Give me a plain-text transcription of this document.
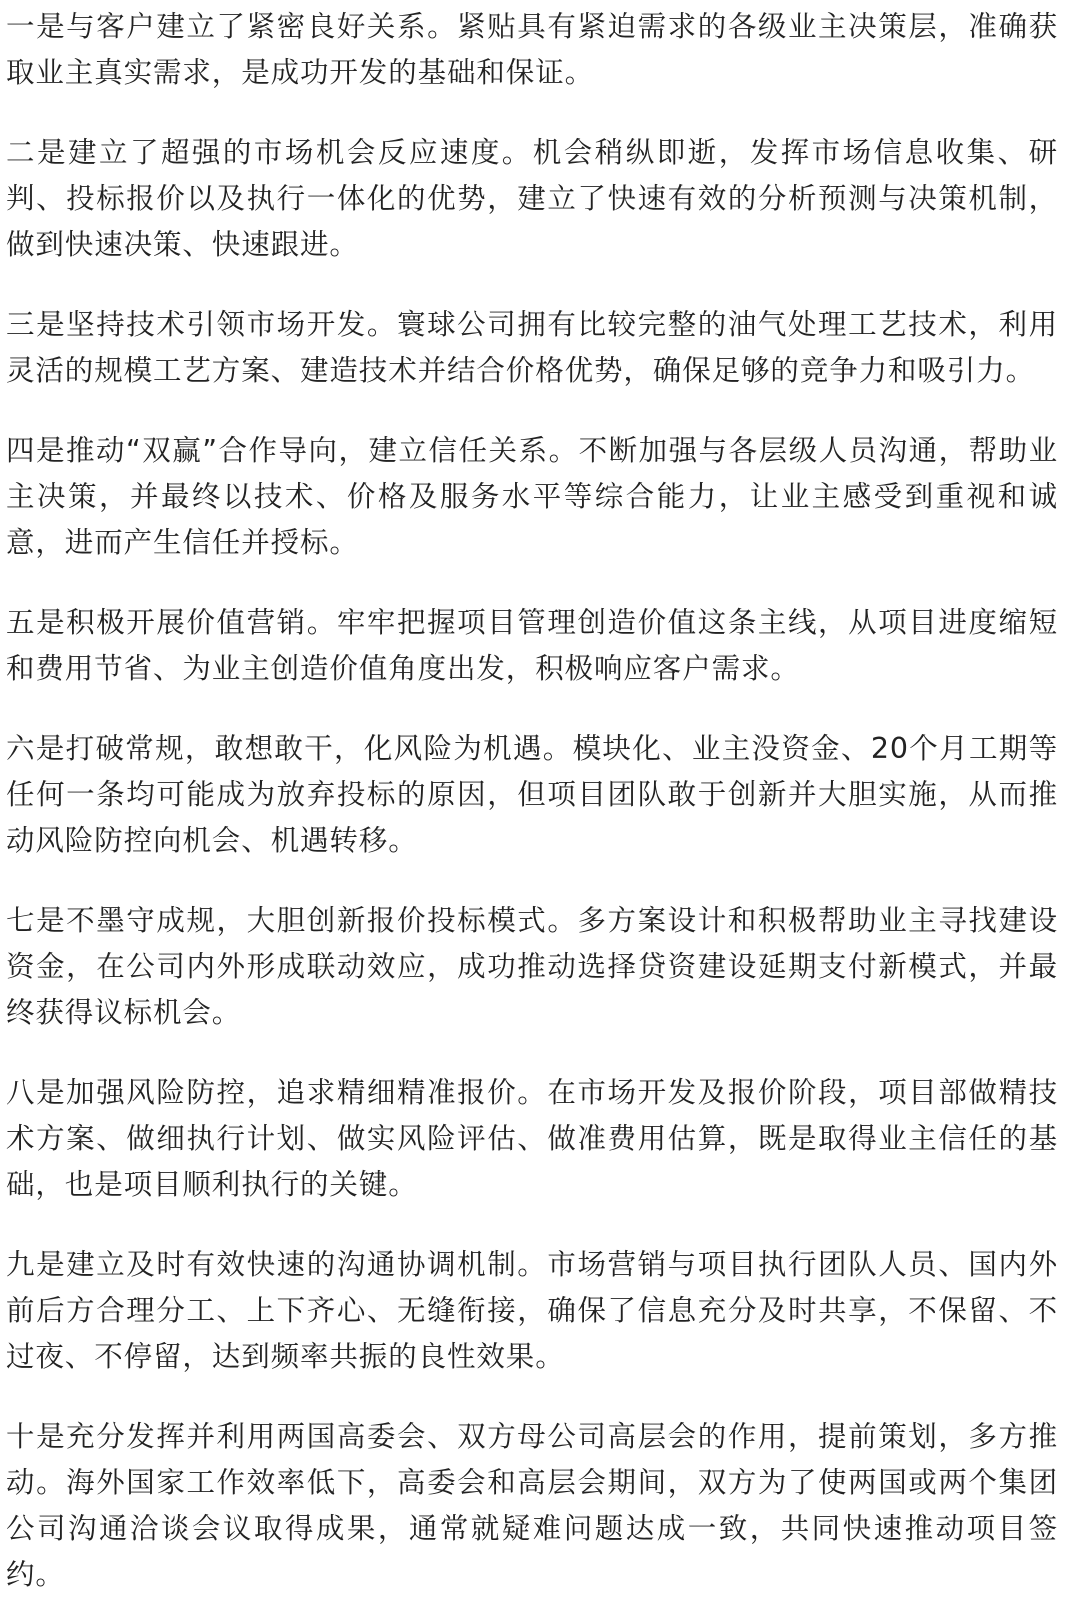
一是与客户建立了紧密良好关系。紧贴具有紧迫需求的各级业主决策层，准确获取业主真实需求，是成功开发的基础和保证。

二是建立了超强的市场机会反应速度。机会稍纵即逝，发挥市场信息收集、研判、投标报价以及执行一体化的优势，建立了快速有效的分析预测与决策机制，做到快速决策、快速跟进。

三是坚持技术引领市场开发。寰球公司拥有比较完整的油气处理工艺技术，利用灵活的规模工艺方案、建造技术并结合价格优势，确保足够的竞争力和吸引力。

四是推动“双赢”合作导向，建立信任关系。不断加强与各层级人员沟通，帮助业主决策，并最终以技术、价格及服务水平等综合能力，让业主感受到重视和诚意，进而产生信任并授标。

五是积极开展价值营销。牢牢把握项目管理创造价值这条主线，从项目进度缩短和费用节省、为业主创造价值角度出发，积极响应客户需求。

六是打破常规，敢想敢干，化风险为机遇。模块化、业主没资金、20个月工期等任何一条均可能成为放弃投标的原因，但项目团队敢于创新并大胆实施，从而推动风险防控向机会、机遇转移。

七是不墨守成规，大胆创新报价投标模式。多方案设计和积极帮助业主寻找建设资金，在公司内外形成联动效应，成功推动选择贷资建设延期支付新模式，并最终获得议标机会。

八是加强风险防控，追求精细精准报价。在市场开发及报价阶段，项目部做精技术方案、做细执行计划、做实风险评估、做准费用估算，既是取得业主信任的基础，也是项目顺利执行的关键。

九是建立及时有效快速的沟通协调机制。市场营销与项目执行团队人员、国内外前后方合理分工、上下齐心、无缝衔接，确保了信息充分及时共享，不保留、不过夜、不停留，达到频率共振的良性效果。

十是充分发挥并利用两国高委会、双方母公司高层会的作用，提前策划，多方推动。海外国家工作效率低下，高委会和高层会期间，双方为了使两国或两个集团公司沟通洽谈会议取得成果，通常就疑难问题达成一致，共同快速推动项目签约。
